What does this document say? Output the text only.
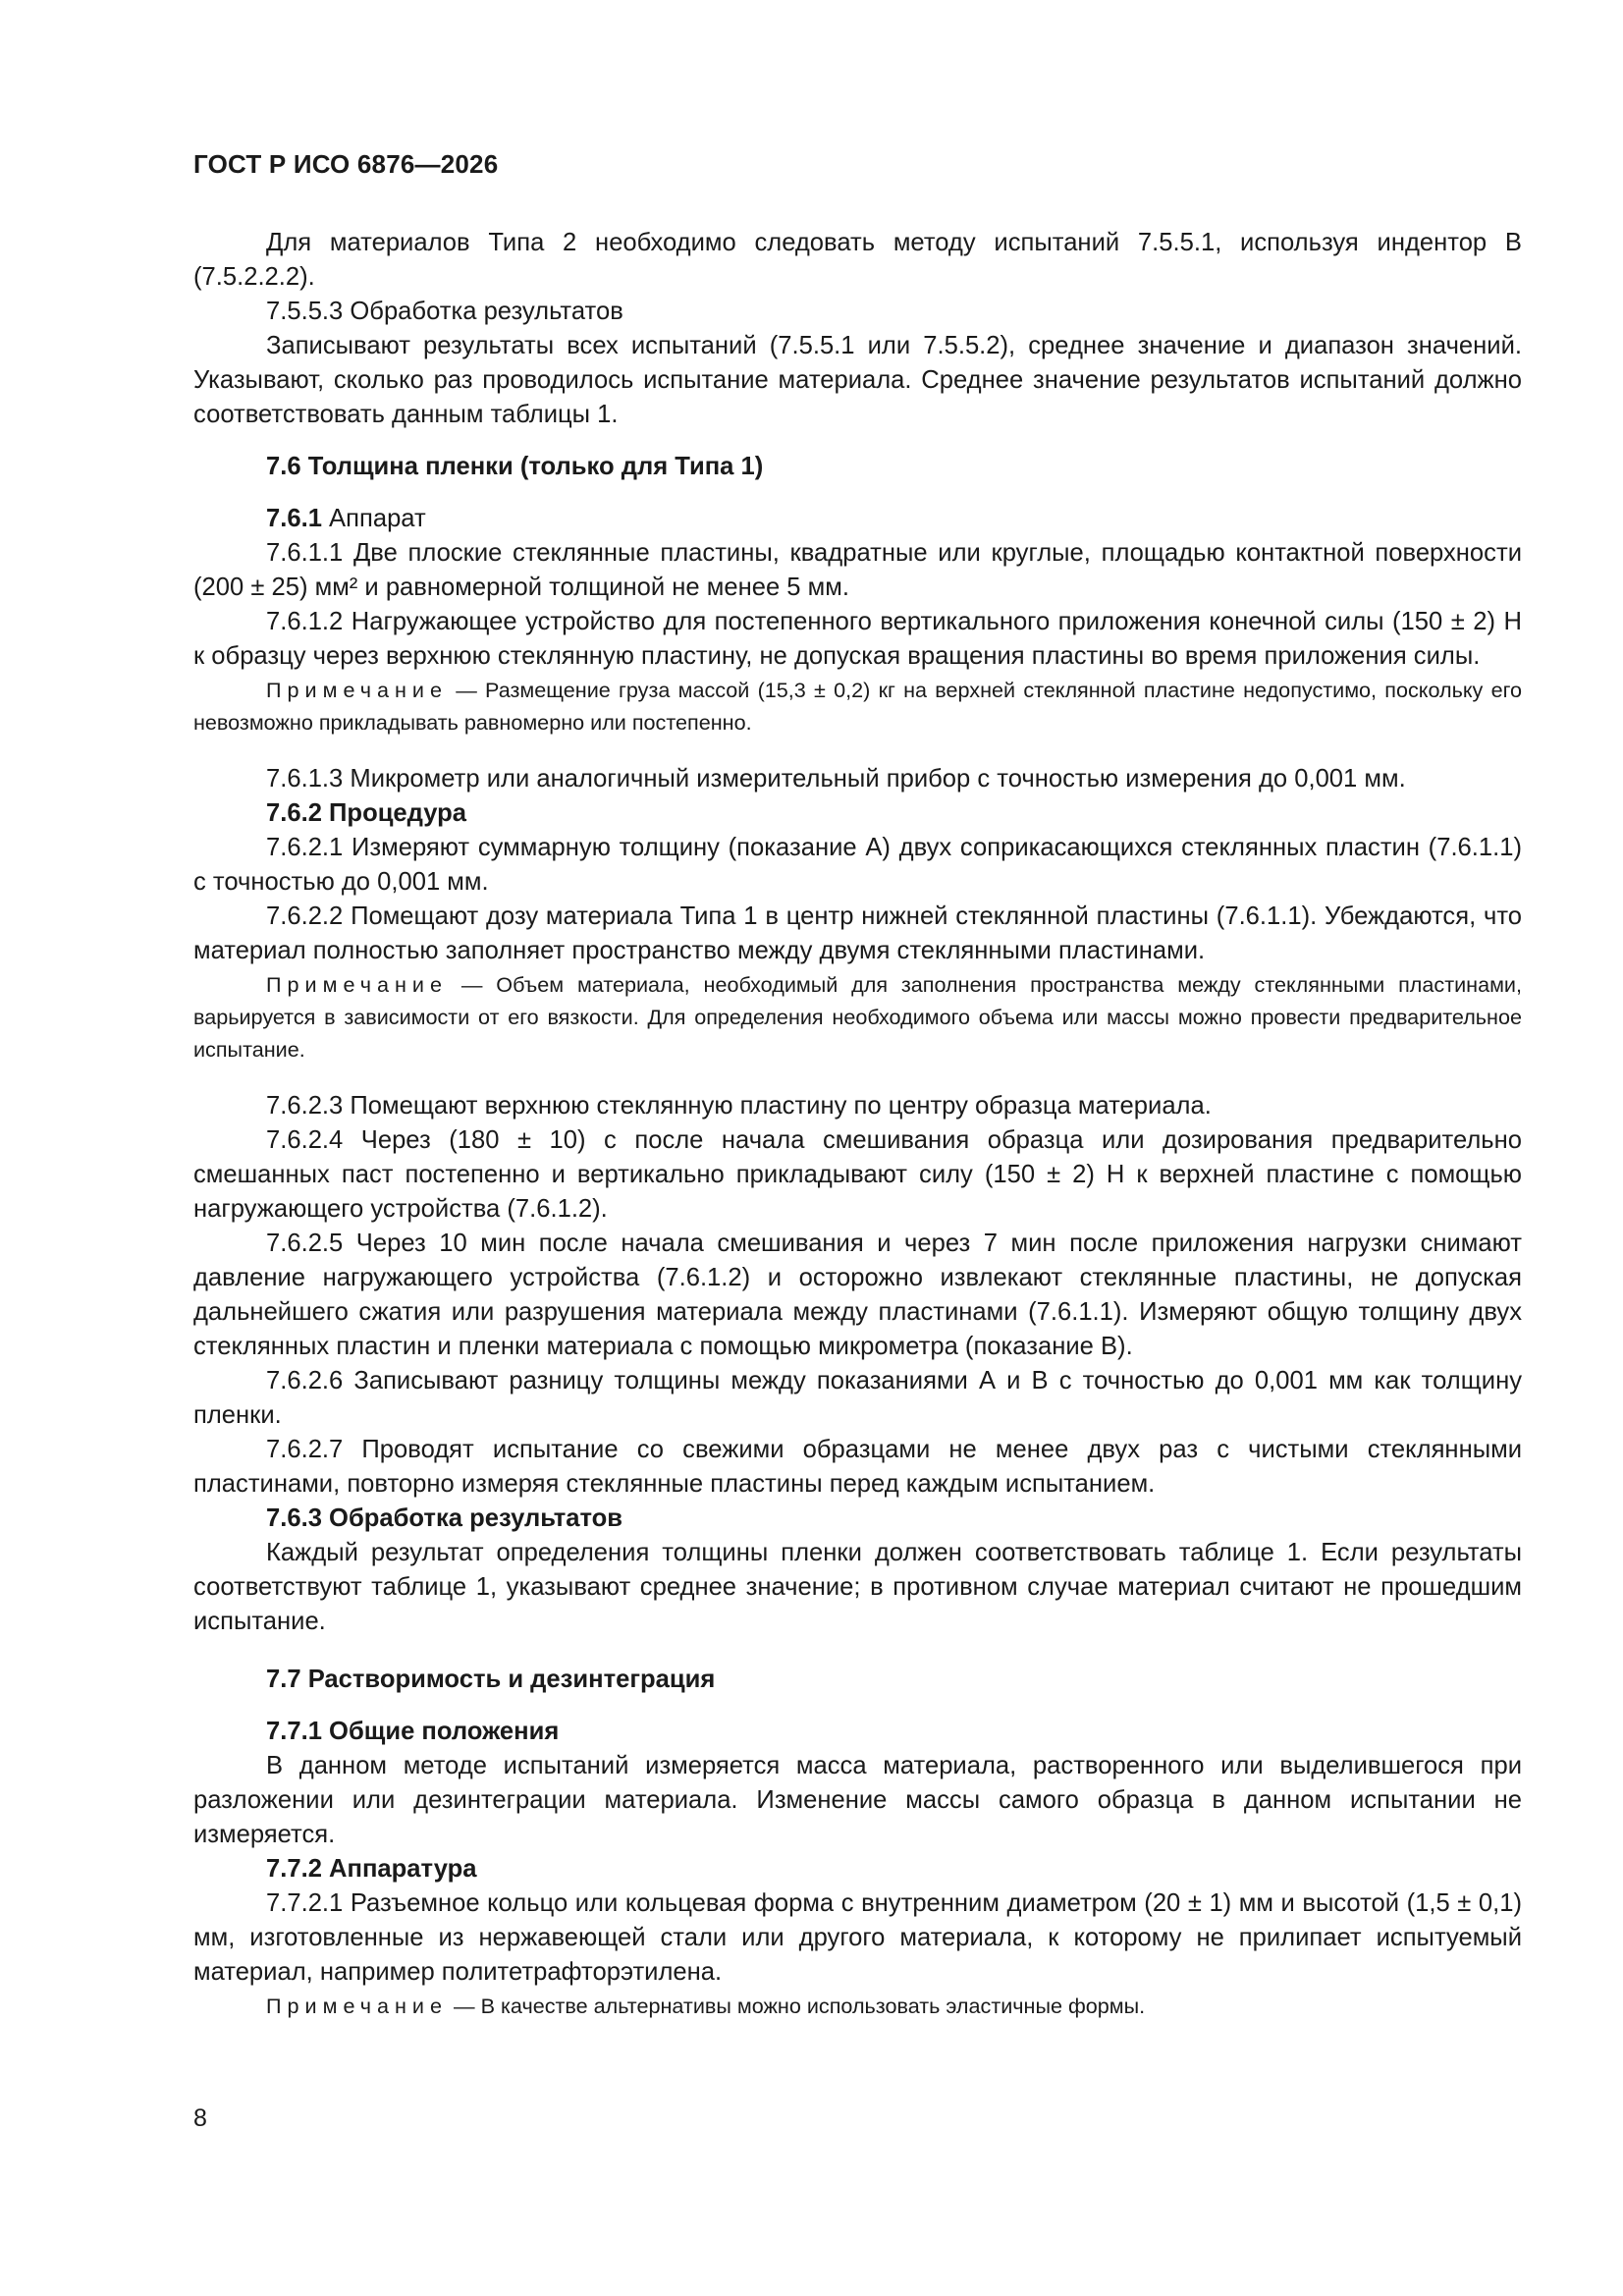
ГОСТ Р ИСО 6876—2026

Для материалов Типа 2 необходимо следовать методу испытаний 7.5.5.1, используя индентор B (7.5.2.2.2).

7.5.5.3 Обработка результатов

Записывают результаты всех испытаний (7.5.5.1 или 7.5.5.2), среднее значение и диапазон значений. Указывают, сколько раз проводилось испытание материала. Среднее значение результатов испытаний должно соответствовать данным таблицы 1.

7.6 Толщина пленки (только для Типа 1)

7.6.1 Аппарат

7.6.1.1 Две плоские стеклянные пластины, квадратные или круглые, площадью контактной поверхности (200 ± 25) мм² и равномерной толщиной не менее 5 мм.

7.6.1.2 Нагружающее устройство для постепенного вертикального приложения конечной силы (150 ± 2) Н к образцу через верхнюю стеклянную пластину, не допуская вращения пластины во время приложения силы.

Примечание — Размещение груза массой (15,3 ± 0,2) кг на верхней стеклянной пластине недопустимо, поскольку его невозможно прикладывать равномерно или постепенно.

7.6.1.3 Микрометр или аналогичный измерительный прибор с точностью измерения до 0,001 мм.

7.6.2 Процедура

7.6.2.1 Измеряют суммарную толщину (показание А) двух соприкасающихся стеклянных пластин (7.6.1.1) с точностью до 0,001 мм.

7.6.2.2 Помещают дозу материала Типа 1 в центр нижней стеклянной пластины (7.6.1.1). Убеждаются, что материал полностью заполняет пространство между двумя стеклянными пластинами.

Примечание — Объем материала, необходимый для заполнения пространства между стеклянными пластинами, варьируется в зависимости от его вязкости. Для определения необходимого объема или массы можно провести предварительное испытание.

7.6.2.3 Помещают верхнюю стеклянную пластину по центру образца материала.

7.6.2.4 Через (180 ± 10) с после начала смешивания образца или дозирования предварительно смешанных паст постепенно и вертикально прикладывают силу (150 ± 2) Н к верхней пластине с помощью нагружающего устройства (7.6.1.2).

7.6.2.5 Через 10 мин после начала смешивания и через 7 мин после приложения нагрузки снимают давление нагружающего устройства (7.6.1.2) и осторожно извлекают стеклянные пластины, не допуская дальнейшего сжатия или разрушения материала между пластинами (7.6.1.1). Измеряют общую толщину двух стеклянных пластин и пленки материала с помощью микрометра (показание В).

7.6.2.6 Записывают разницу толщины между показаниями А и В с точностью до 0,001 мм как толщину пленки.

7.6.2.7 Проводят испытание со свежими образцами не менее двух раз с чистыми стеклянными пластинами, повторно измеряя стеклянные пластины перед каждым испытанием.

7.6.3 Обработка результатов

Каждый результат определения толщины пленки должен соответствовать таблице 1. Если результаты соответствуют таблице 1, указывают среднее значение; в противном случае материал считают не прошедшим испытание.

7.7 Растворимость и дезинтеграция

7.7.1 Общие положения

В данном методе испытаний измеряется масса материала, растворенного или выделившегося при разложении или дезинтеграции материала. Изменение массы самого образца в данном испытании не измеряется.

7.7.2 Аппаратура

7.7.2.1 Разъемное кольцо или кольцевая форма с внутренним диаметром (20 ± 1) мм и высотой (1,5 ± 0,1) мм, изготовленные из нержавеющей стали или другого материала, к которому не прилипает испытуемый материал, например политетрафторэтилена.

Примечание — В качестве альтернативы можно использовать эластичные формы.

8
